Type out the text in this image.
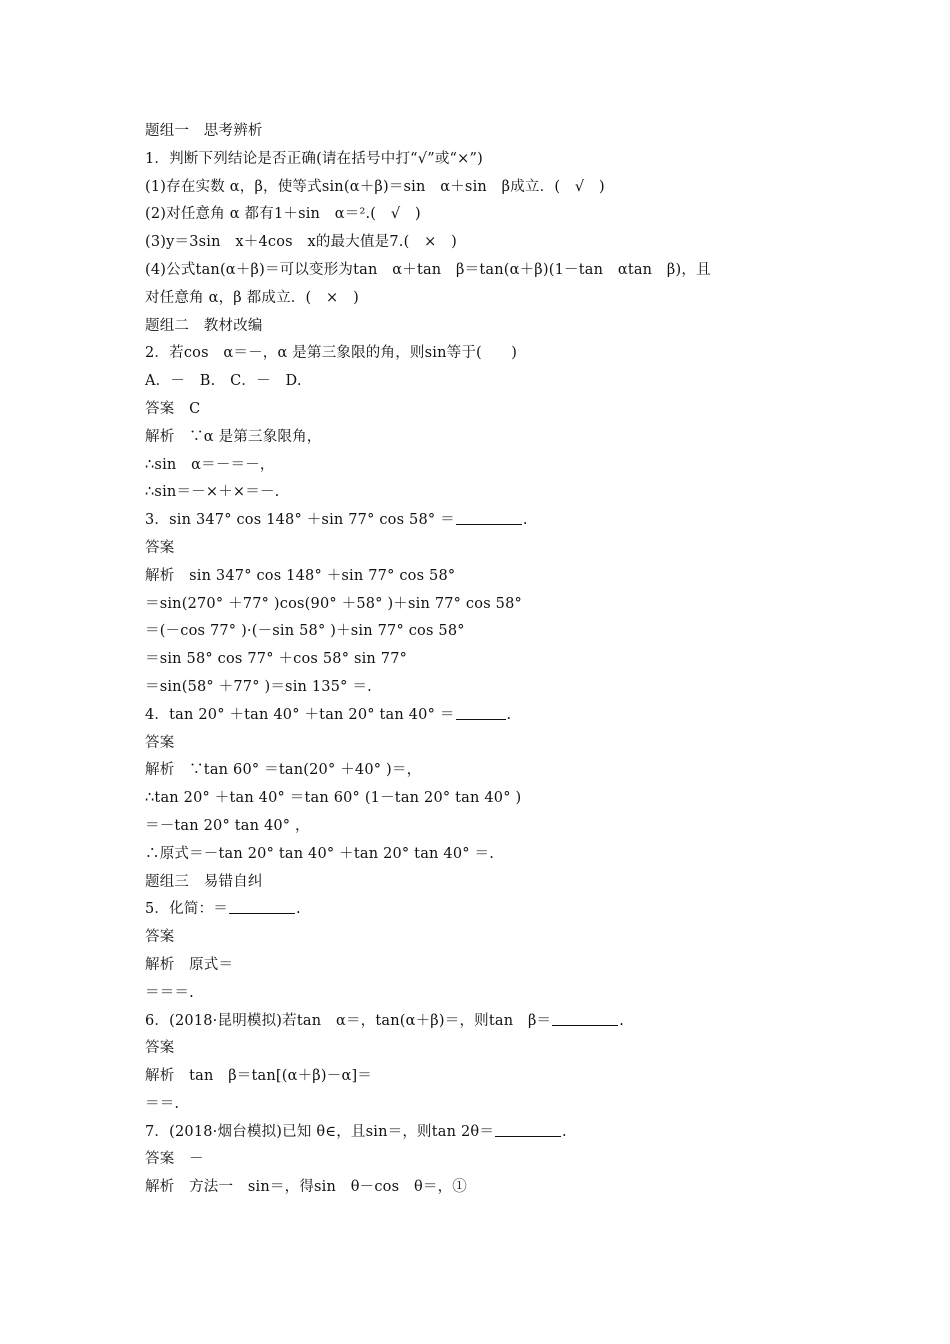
题组一　思考辨析
1．判断下列结论是否正确(请在括号中打“√”或“×”)
(1)存在实数 α，β，使等式sin(α＋β)＝sin　α＋sin　β成立．(　√　)
(2)对任意角 α 都有1＋sin　α＝².(　√　)
(3)y＝3sin　x＋4cos　x的最大值是7.(　×　)
(4)公式tan(α＋β)＝可以变形为tan　α＋tan　β＝tan(α＋β)(1－tan　αtan　β)，且
对任意角 α，β 都成立．(　×　)
题组二　教材改编
2．若cos　α＝－，α 是第三象限的角，则sin等于(　　)
A．－　B.　C．－　D.
答案　C
解析　∵α 是第三象限角，
∴sin　α＝－＝－，
∴sin＝－×＋×＝－.
3．sin 347° cos 148° ＋sin 77° cos 58° ＝	.
答案
解析　sin 347° cos 148° ＋sin 77° cos 58°
＝sin(270° ＋77° )cos(90° ＋58° )＋sin 77° cos 58°
＝(－cos 77° )·(－sin 58° )＋sin 77° cos 58°
＝sin 58° cos 77° ＋cos 58° sin 77°
＝sin(58° ＋77° )＝sin 135° ＝.
4．tan 20° ＋tan 40° ＋tan 20° tan 40° ＝	.
答案
解析　∵tan 60° ＝tan(20° ＋40° )＝，
∴tan 20° ＋tan 40° ＝tan 60° (1－tan 20° tan 40° )
＝－tan 20° tan 40° ，
∴原式＝－tan 20° tan 40° ＋tan 20° tan 40° ＝.
题组三　易错自纠
5．化简：＝	.
答案
解析　原式＝
＝＝＝.
6．(2018·昆明模拟)若tan　α＝，tan(α＋β)＝，则tan　β＝	.
答案
解析　tan　β＝tan[(α＋β)－α]＝
＝＝.
7．(2018·烟台模拟)已知 θ∈，且sin＝，则tan 2θ＝	.
答案　－
解析　方法一　sin＝，得sin　θ－cos　θ＝，①
